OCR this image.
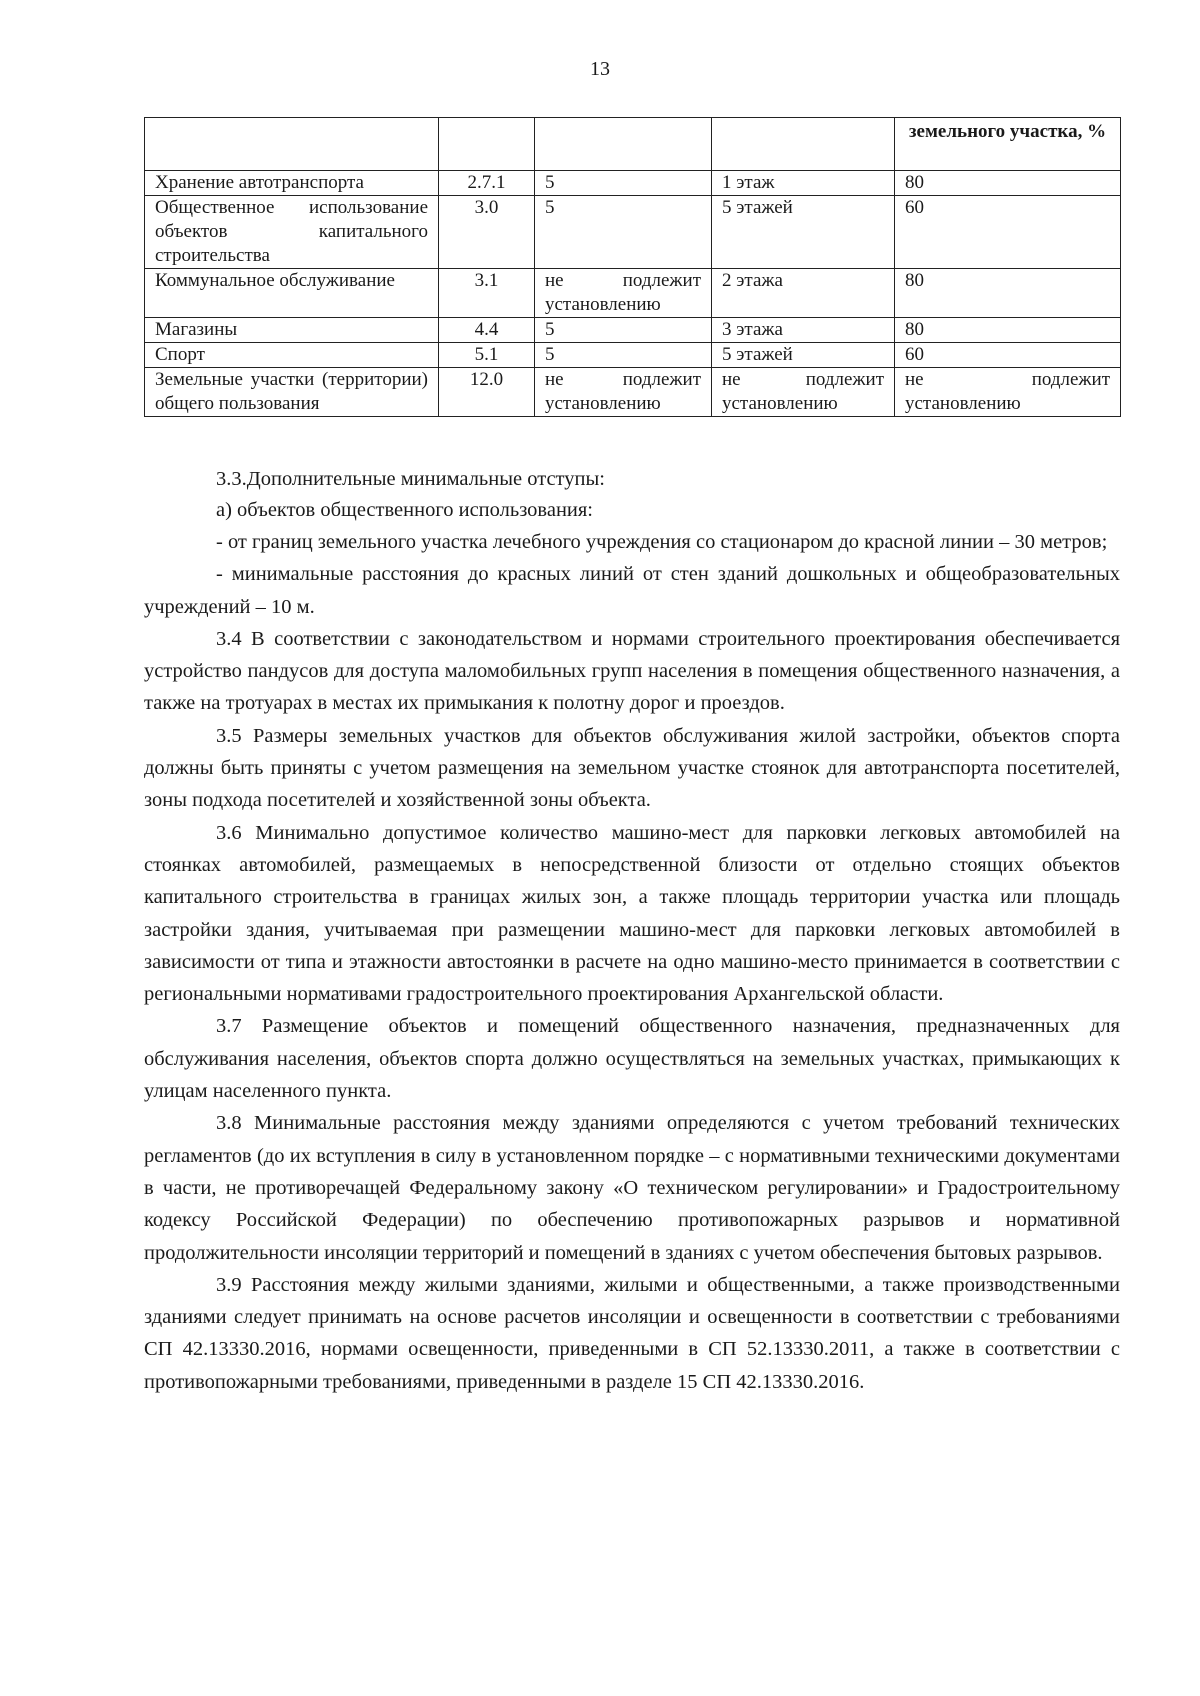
13
				земельного участка, %
Хранение автотранспорта	2.7.1	5	1 этаж	80
Общественное использование объектов капитального строительства	3.0	5	5 этажей	60
Коммунальное обслуживание	3.1	не подлежит установлению	2 этажа	80
Магазины	4.4	5	3 этажа	80
Спорт	5.1	5	5 этажей	60
Земельные участки (территории) общего пользования	12.0	не подлежит установлению	не подлежит установлению	не подлежит установлению

3.3.Дополнительные минимальные отступы:

а) объектов общественного использования:

- от границ земельного участка лечебного учреждения со стационаром до красной линии – 30 метров;

- минимальные расстояния до красных линий от стен зданий дошкольных и общеобразовательных учреждений – 10 м.

3.4 В соответствии с законодательством и нормами строительного проектирования обеспечивается устройство пандусов для доступа маломобильных групп населения в помещения общественного назначения, а также на тротуарах в местах их примыкания к полотну дорог и проездов.

3.5 Размеры земельных участков для объектов обслуживания жилой застройки, объектов спорта должны быть приняты с учетом размещения на земельном участке стоянок для автотранспорта посетителей, зоны подхода посетителей и хозяйственной зоны объекта.

3.6 Минимально допустимое количество машино-мест для парковки легковых автомобилей на стоянках автомобилей, размещаемых в непосредственной близости от отдельно стоящих объектов капитального строительства в границах жилых зон, а также площадь территории участка или площадь застройки здания, учитываемая при размещении машино-мест для парковки легковых автомобилей в зависимости от типа и этажности автостоянки в расчете на одно машино-место принимается в соответствии с региональными нормативами градостроительного проектирования Архангельской области.

3.7 Размещение объектов и помещений общественного назначения, предназначенных для обслуживания населения, объектов спорта должно осуществляться на земельных участках, примыкающих к улицам населенного пункта.

3.8 Минимальные расстояния между зданиями определяются с учетом требований технических регламентов (до их вступления в силу в установленном порядке – с нормативными техническими документами в части, не противоречащей Федеральному закону «О техническом регулировании» и Градостроительному кодексу Российской Федерации) по обеспечению противопожарных разрывов и нормативной продолжительности инсоляции территорий и помещений в зданиях с учетом обеспечения бытовых разрывов.

3.9 Расстояния между жилыми зданиями, жилыми и общественными, а также производственными зданиями следует принимать на основе расчетов инсоляции и освещенности в соответствии с требованиями СП 42.13330.2016, нормами освещенности, приведенными в СП 52.13330.2011, а также в соответствии с противопожарными требованиями, приведенными в разделе 15 СП 42.13330.2016.
